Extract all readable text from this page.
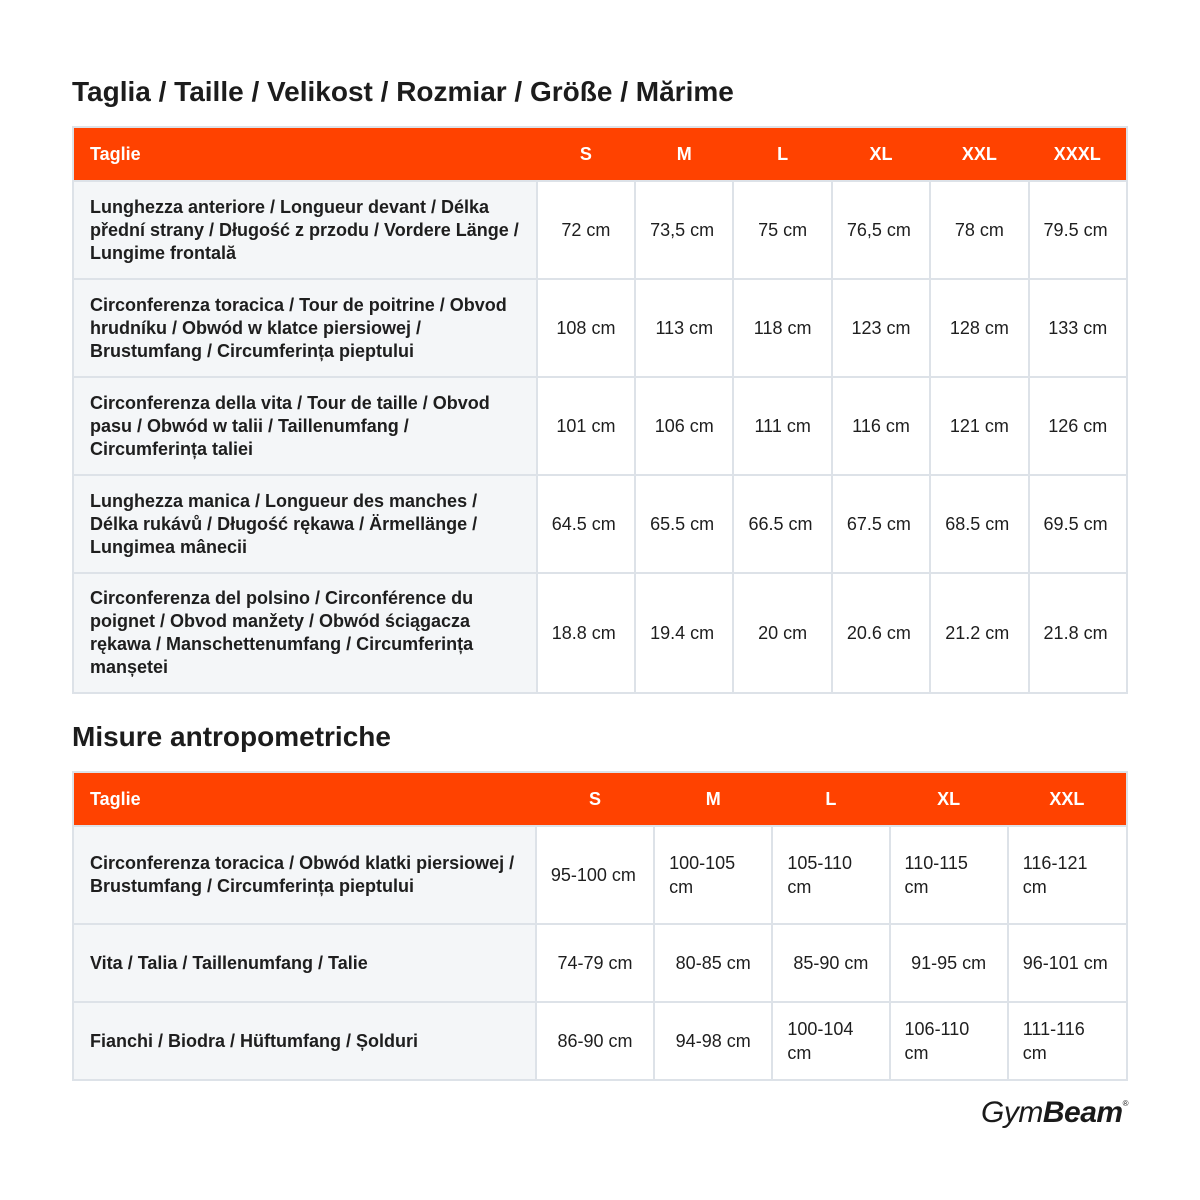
Taglia / Taille / Velikost / Rozmiar / Größe / Mărime
Taglie	S	M	L	XL	XXL	XXXL
Lunghezza anteriore / Longueur devant / Délka přední strany / Długość z przodu / Vordere Länge / Lungime frontală	72 cm	73,5 cm	75 cm	76,5 cm	78 cm	79.5 cm
Circonferenza toracica / Tour de poitrine / Obvod hrudníku / Obwód w klatce piersiowej / Brustumfang / Circumferința pieptului	108 cm	113 cm	118 cm	123 cm	128 cm	133 cm
Circonferenza della vita / Tour de taille / Obvod pasu / Obwód w talii / Taillenumfang / Circumferința taliei	101 cm	106 cm	111 cm	116 cm	121 cm	126 cm
Lunghezza manica / Longueur des manches / Délka rukávů / Długość rękawa / Ärmellänge / Lungimea mânecii	64.5 cm	65.5 cm	66.5 cm	67.5 cm	68.5 cm	69.5 cm
Circonferenza del polsino / Circonférence du poignet / Obvod manžety / Obwód ściągacza rękawa / Manschettenumfang / Circumferința manșetei	18.8 cm	19.4 cm	20 cm	20.6 cm	21.2 cm	21.8 cm
Misure antropometriche
Taglie	S	M	L	XL	XXL
Circonferenza toracica / Obwód klatki piersiowej / Brustumfang / Circumferința pieptului	95-100 cm	100-105 cm	105-110 cm	110-115 cm	116-121 cm
Vita / Talia / Taillenumfang / Talie	74-79 cm	80-85 cm	85-90 cm	91-95 cm	96-101 cm
Fianchi / Biodra / Hüftumfang / Șolduri	86-90 cm	94-98 cm	100-104 cm	106-110 cm	111-116 cm
GymBeam®
